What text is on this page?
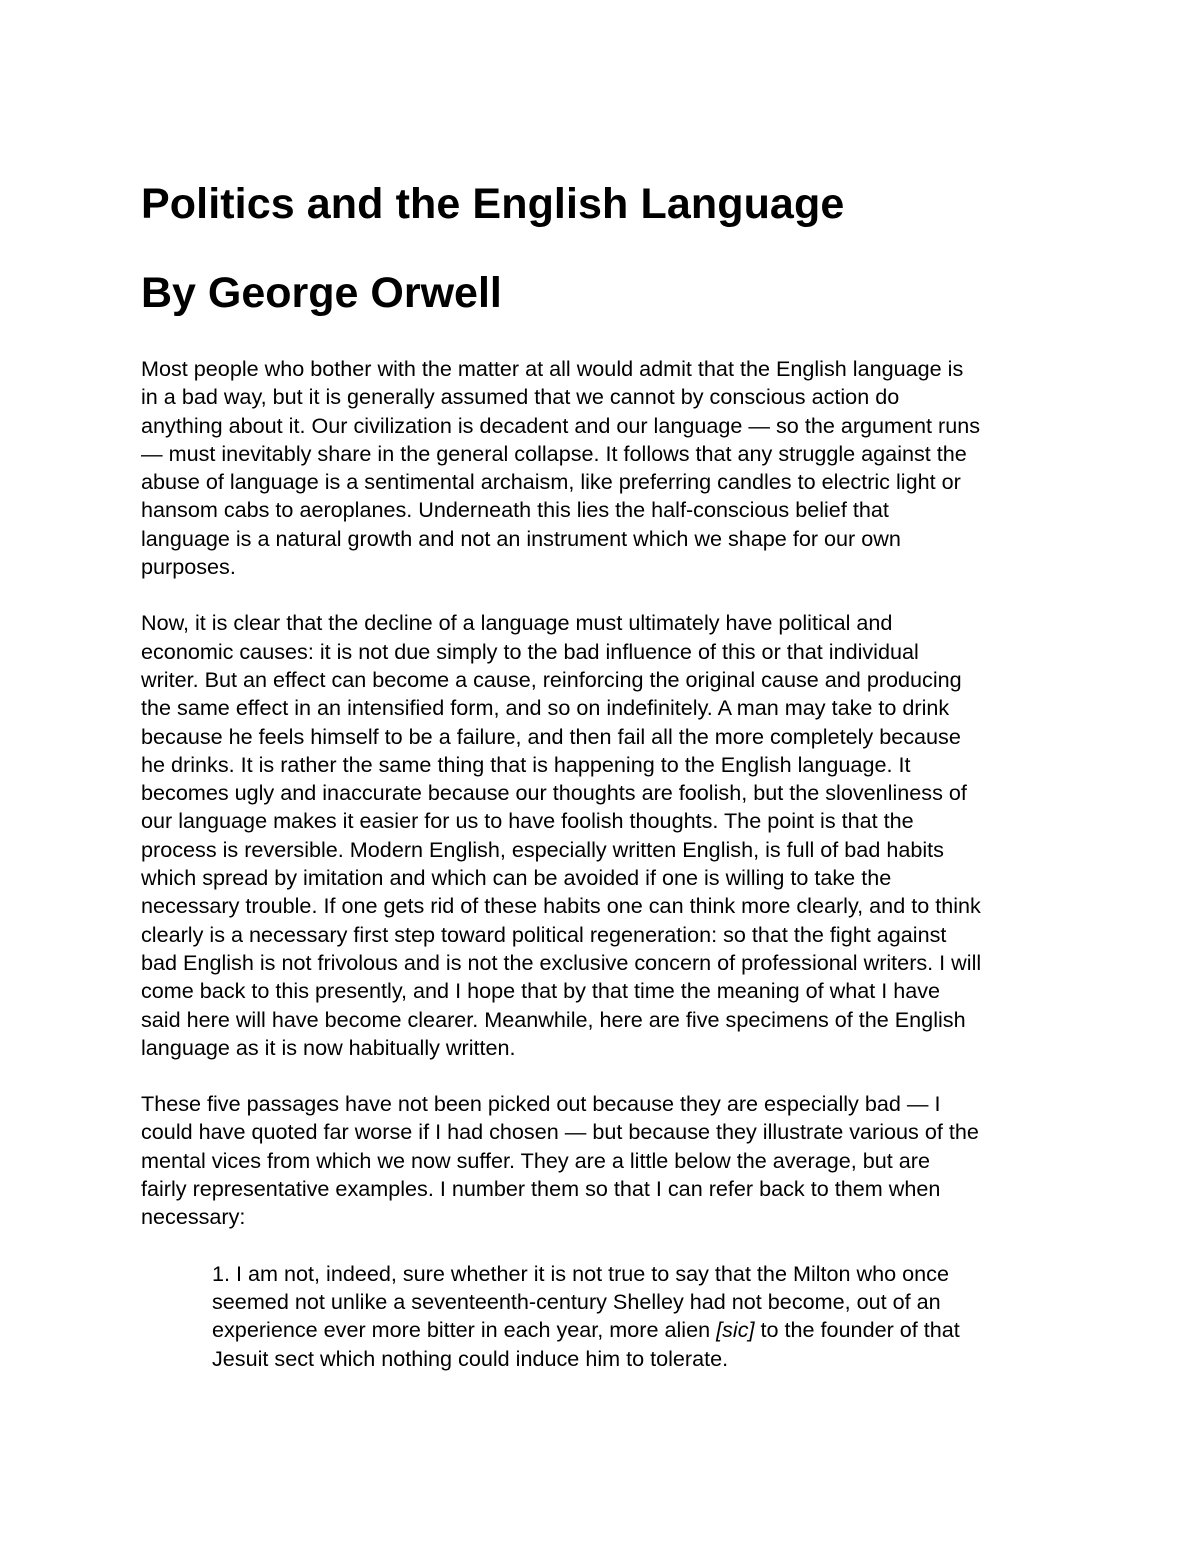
Politics and the English Language
By George Orwell

Most people who bother with the matter at all would admit that the English language is
in a bad way, but it is generally assumed that we cannot by conscious action do
anything about it. Our civilization is decadent and our language — so the argument runs
— must inevitably share in the general collapse. It follows that any struggle against the
abuse of language is a sentimental archaism, like preferring candles to electric light or
hansom cabs to aeroplanes. Underneath this lies the half-conscious belief that
language is a natural growth and not an instrument which we shape for our own
purposes.

Now, it is clear that the decline of a language must ultimately have political and
economic causes: it is not due simply to the bad influence of this or that individual
writer. But an effect can become a cause, reinforcing the original cause and producing
the same effect in an intensified form, and so on indefinitely. A man may take to drink
because he feels himself to be a failure, and then fail all the more completely because
he drinks. It is rather the same thing that is happening to the English language. It
becomes ugly and inaccurate because our thoughts are foolish, but the slovenliness of
our language makes it easier for us to have foolish thoughts. The point is that the
process is reversible. Modern English, especially written English, is full of bad habits
which spread by imitation and which can be avoided if one is willing to take the
necessary trouble. If one gets rid of these habits one can think more clearly, and to think
clearly is a necessary first step toward political regeneration: so that the fight against
bad English is not frivolous and is not the exclusive concern of professional writers. I will
come back to this presently, and I hope that by that time the meaning of what I have
said here will have become clearer. Meanwhile, here are five specimens of the English
language as it is now habitually written.

These five passages have not been picked out because they are especially bad — I
could have quoted far worse if I had chosen — but because they illustrate various of the
mental vices from which we now suffer. They are a little below the average, but are
fairly representative examples. I number them so that I can refer back to them when
necessary:

1. I am not, indeed, sure whether it is not true to say that the Milton who once
seemed not unlike a seventeenth-century Shelley had not become, out of an
experience ever more bitter in each year, more alien [sic] to the founder of that
Jesuit sect which nothing could induce him to tolerate.
